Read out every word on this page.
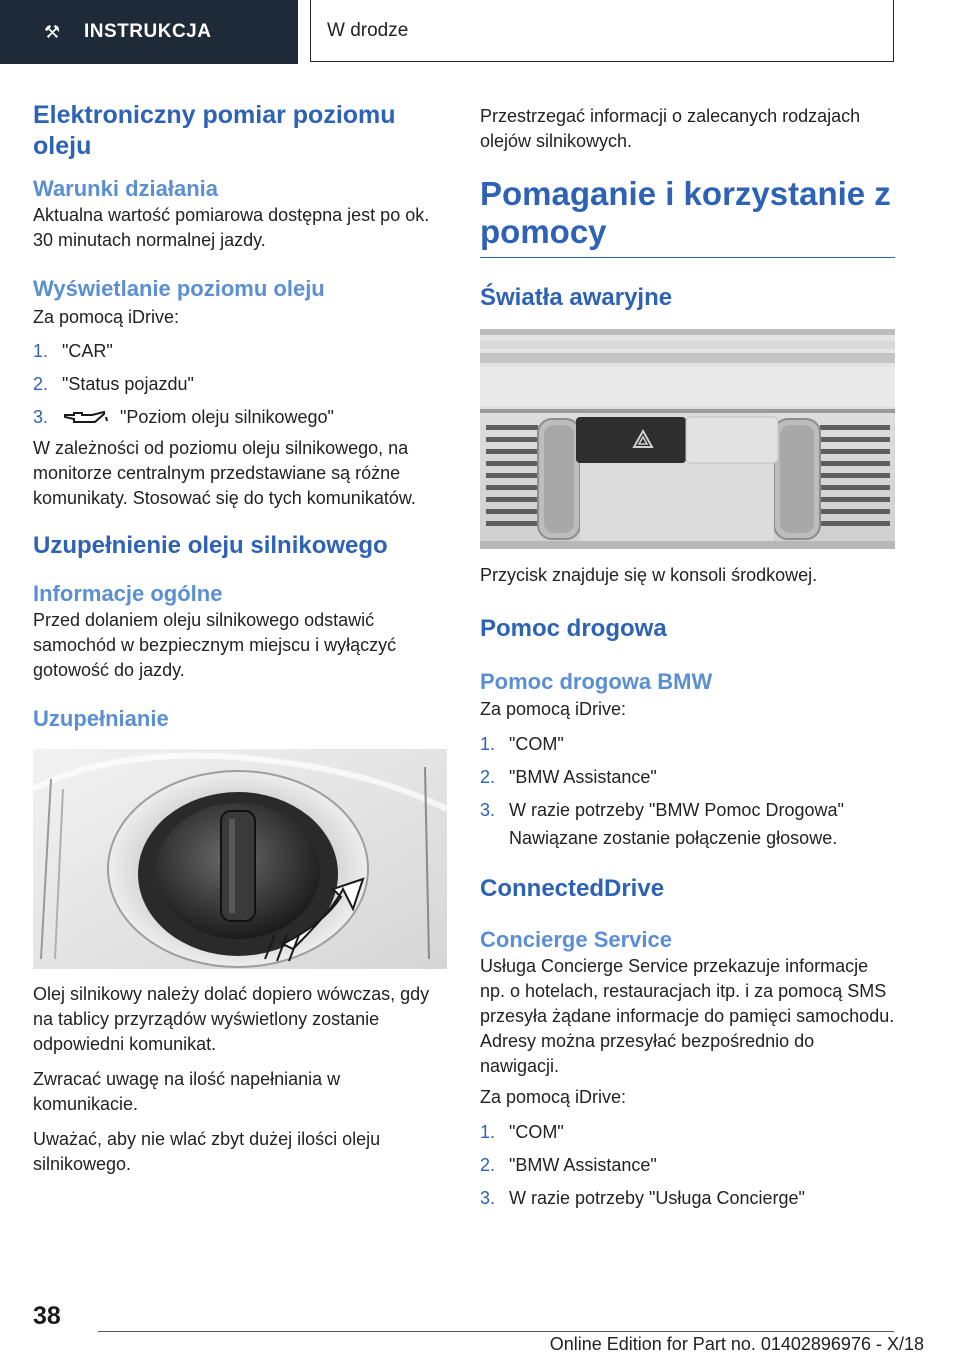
⚒	INSTRUKCJA	W drodze
Elektroniczny pomiar poziomu oleju
Warunki działania

Aktualna wartość pomiarowa dostępna jest po ok. 30 minutach normalnej jazdy.

Wyświetlanie poziomu oleju

Za pomocą iDrive:

1. "CAR"
2. "Status pojazdu"
3.	"Poziom oleju silnikowego"

W zależności od poziomu oleju silnikowego, na monitorze centralnym przedstawiane są różne komunikaty. Stosować się do tych komunikatów.

Uzupełnienie oleju silnikowego
Informacje ogólne

Przed dolaniem oleju silnikowego odstawić samochód w bezpiecznym miejscu i wyłączyć gotowość do jazdy.

Uzupełnianie

Olej silnikowy należy dolać dopiero wówczas, gdy na tablicy przyrządów wyświetlony zostanie odpowiedni komunikat.

Zwracać uwagę na ilość napełniania w komunikacie.

Uważać, aby nie wlać zbyt dużej ilości oleju silnikowego.

Przestrzegać informacji o zalecanych rodzajach olejów silnikowych.

Pomaganie i korzystanie z pomocy
Światła awaryjne

Przycisk znajduje się w konsoli środkowej.

Pomoc drogowa
Pomoc drogowa BMW

Za pomocą iDrive:

1. "COM"
2. "BMW Assistance"
3. W razie potrzeby "BMW Pomoc Drogowa"
Nawiązane zostanie połączenie głosowe.
ConnectedDrive
Concierge Service

Usługa Concierge Service przekazuje informacje np. o hotelach, restauracjach itp. i za pomocą SMS przesyła żądane informacje do pamięci samochodu. Adresy można przesyłać bezpośrednio do nawigacji.

Za pomocą iDrive:

1. "COM"
2. "BMW Assistance"
3. W razie potrzeby "Usługa Concierge"
38
Online Edition for Part no. 01402896976 - X/18
